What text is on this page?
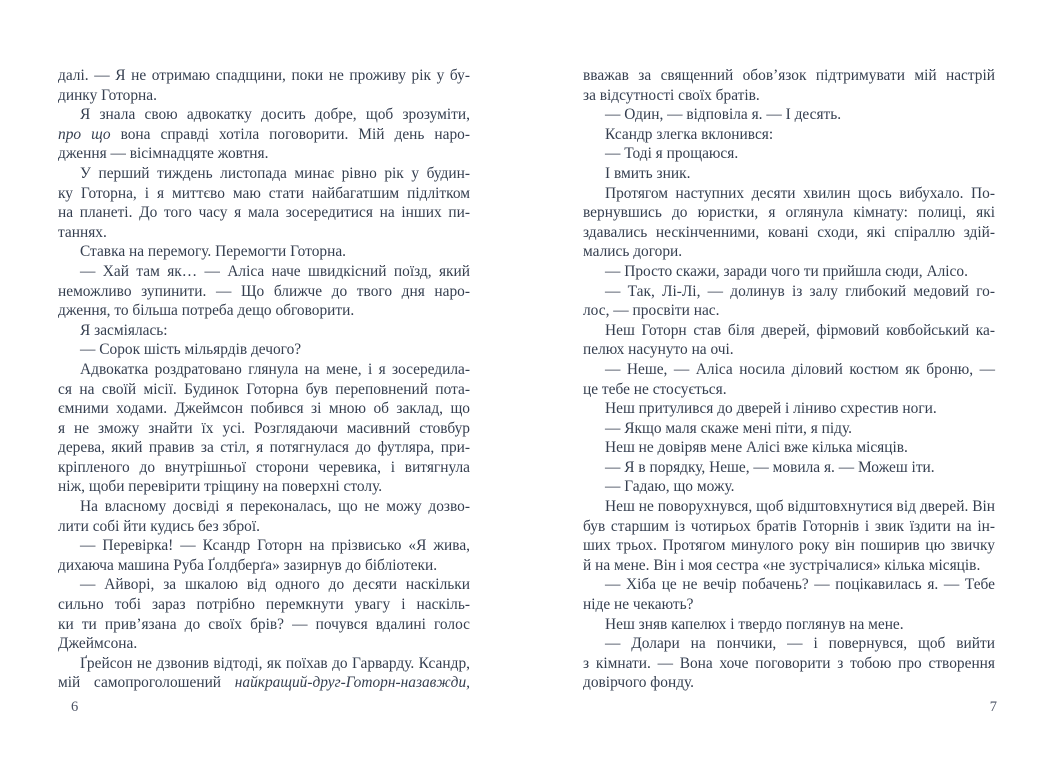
далі. — Я не отримаю спадщини, поки не проживу рік у бу-
динку Готорна.
Я знала свою адвокатку досить добре, щоб зрозуміти,
про що вона справді хотіла поговорити. Мій день наро-
дження — вісімнадцяте жовтня.
У перший тиждень листопада минає рівно рік у будин-
ку Готорна, і я миттєво маю стати найбагатшим підлітком
на планеті. До того часу я мала зосередитися на інших пи-
таннях.
Ставка на перемогу. Перемогти Готорна.
— Хай там як… — Аліса наче швидкісний поїзд, який
неможливо зупинити. — Що ближче до твого дня наро-
дження, то більша потреба дещо обговорити.
Я засміялась:
— Сорок шість мільярдів дечого?
Адвокатка роздратовано глянула на мене, і я зосередила-
ся на своїй місії. Будинок Готорна був переповнений пота-
ємними ходами. Джеймсон побився зі мною об заклад, що
я не зможу знайти їх усі. Розглядаючи масивний стовбур
дерева, який правив за стіл, я потягнулася до футляра, при-
кріпленого до внутрішньої сторони черевика, і витягнула
ніж, щоби перевірити тріщину на поверхні столу.
На власному досвіді я переконалась, що не можу дозво-
лити собі йти кудись без зброї.
— Перевірка! — Ксандр Готорн на прізвисько «Я жива,
дихаюча машина Руба Ґолдберґа» зазирнув до бібліотеки.
— Айворі, за шкалою від одного до десяти наскільки
сильно тобі зараз потрібно перемкнути увагу і наскіль-
ки ти прив’язана до своїх брів? — почувся вдалині голос
Джеймсона.
Ґрейсон не дзвонив відтоді, як поїхав до Гарварду. Ксандр,
мій самопроголошений найкращий-друг-Готорн-назавжди,
вважав за священний обов’язок підтримувати мій настрій
за відсутності своїх братів.
— Один, — відповіла я. — І десять.
Ксандр злегка вклонився:
— Тоді я прощаюся.
І вмить зник.
Протягом наступних десяти хвилин щось вибухало. По-
вернувшись до юристки, я оглянула кімнату: полиці, які
здавались нескінченними, ковані сходи, які спіраллю здій-
мались догори.
— Просто скажи, заради чого ти прийшла сюди, Алісо.
— Так, Лі-Лі, — долинув із залу глибокий медовий го-
лос, — просвіти нас.
Неш Готорн став біля дверей, фірмовий ковбойський ка-
пелюх насунуто на очі.
— Неше, — Аліса носила діловий костюм як броню, —
це тебе не стосується.
Неш притулився до дверей і ліниво схрестив ноги.
— Якщо маля скаже мені піти, я піду.
Неш не довіряв мене Алісі вже кілька місяців.
— Я в порядку, Неше, — мовила я. — Можеш іти.
— Гадаю, що можу.
Неш не поворухнувся, щоб відштовхнутися від дверей. Він
був старшим із чотирьох братів Готорнів і звик їздити на ін-
ших трьох. Протягом минулого року він поширив цю звичку
й на мене. Він і моя сестра «не зустрічалися» кілька місяців.
— Хіба це не вечір побачень? — поцікавилась я. — Тебе
ніде не чекають?
Неш зняв капелюх і твердо поглянув на мене.
— Долари на пончики, — і повернувся, щоб вийти
з кімнати. — Вона хоче поговорити з тобою про створення
довірчого фонду.
6	7
